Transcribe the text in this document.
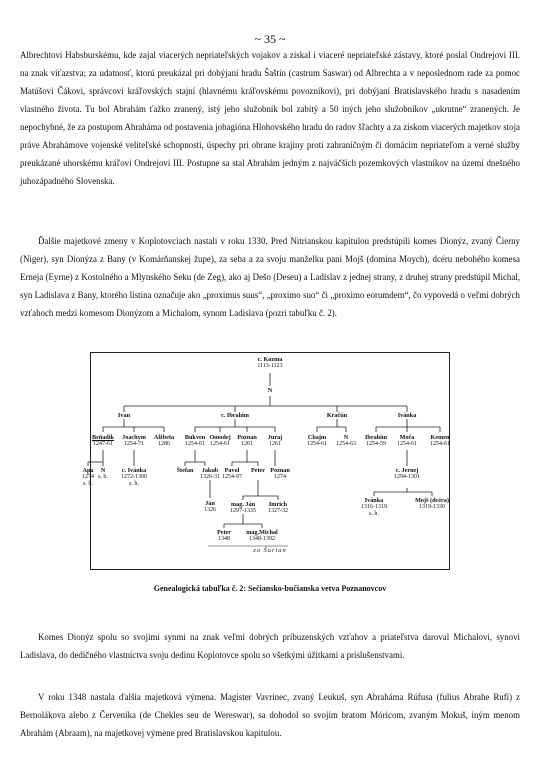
~ 35 ~

Albrechtovi Habsburskému, kde zajal viacerých nepriateľských vojakov a získal i viaceré nepriateľské zástavy, ktoré poslal Ondrejovi III. na znak víťazstva; za udatnosť, ktorú preukázal pri dobýjaní hradu Šaštín (castrum Saswar) od Albrechta a v neposlednom rade za pomoc Matúšovi Čákovi, správcovi kráľovských stajní (hlavnému kráľovskému povozníkovi), pri dobýjaní Bratislavského hradu s nasadením vlastného života. Tu bol Abrahám ťažko zranený, istý jeho služobník bol zabitý a 50 iných jeho služobníkov „ukrutne“ zranených. Je nepochybné, že za postupom Abraháma od postavenia jobagióna Hlohovského hradu do radov šľachty a za ziskom viacerých majetkov stoja práve Abrahámove vojenské veliteľské schopnosti, úspechy pri obrane krajiny proti zahraničným či domácim nepriateľom a verné služby preukázané uhorskému kráľovi Ondrejovi III. Postupne sa stal Abrahám jedným z najväčších pozemkových vlastníkov na území dnešného juhozápadného Slovenska.

Ďalšie majetkové zmeny v Koplotovciach nastali v roku 1330. Pred Nitrianskou kapitulou predstúpili komes Dionýz, zvaný Čierny (Niger), syn Dionýza z Bany (v Komárňanskej župe), za seba a za svoju manželku pani Mojš (domina Moych), dcéru nebohého komesa Erneja (Eyrne) z Kostolného a Mlynského Seku (de Zeg), ako aj Dešo (Deseu) a Ladislav z jednej strany, z druhej strany predstúpil Michal, syn Ladislava z Bany, ktorého listina označuje ako „proximus suus“, „proximo suo“ či „proximo eorumdem“, čo vypovedá o veľmi dobrých vzťahoch medzi komesom Dionýzom a Michalom, synom Ladislava (pozri tabuľku č. 2).

c. Kozma
1113-1123
N
Ivan	c. Ibrahim	Kračún	Ivánka
Beňadik
1247-61
Joachym
1254-71
Alžbeta
1286
Bukven
1254-61
Omodej
1254-61
Poznan
1261
Juraj
1261
Chajm
1254-61
N
1254-63
Ibrahim
1254-59
Moča
1254-61
Kemen
1254-61
Apa
1274
s. h.
N
s. h.
c. Ivánka
1272-1300
s. h.
Štefan Jakub
1326-31
Pavol
1254-97
Peter Poznan
1274
c. Jernej
1294-1301
Ján
1326
mag. Ján
1297-1335
Imrich
1327-32
Ivánka
1316-1319
s. h.
Mojš (dcéra)
1319-1330
Peter
1348
mag.Michal
1348-1392
zo Šurian
Genealogická tabuľka č. 2: Sečiansko-bučianska vetva Poznanovcov

Komes Dionýz spolu so svojimi synmi na znak veľmi dobrých príbuzenských vzťahov a priateľstva daroval Michalovi, synovi Ladislava, do dedičného vlastníctva svoju dedinu Koplotovce spolu so všetkými úžitkami a príslušenstvami.

V roku 1348 nastala ďalšia majetková výmena. Magister Vavrinec, zvaný Leukuš, syn Abraháma Rúfusa (fulius Abrahe Rufi) z Bernolákova alebo z Červeníka (de Chekles seu de Wereswar), sa dohodol so svojím bratom Móricom, zvaným Mokuš, iným menom Abrahám (Abraam), na majetkovej výmene pred Bratislavskou kapitulou.
